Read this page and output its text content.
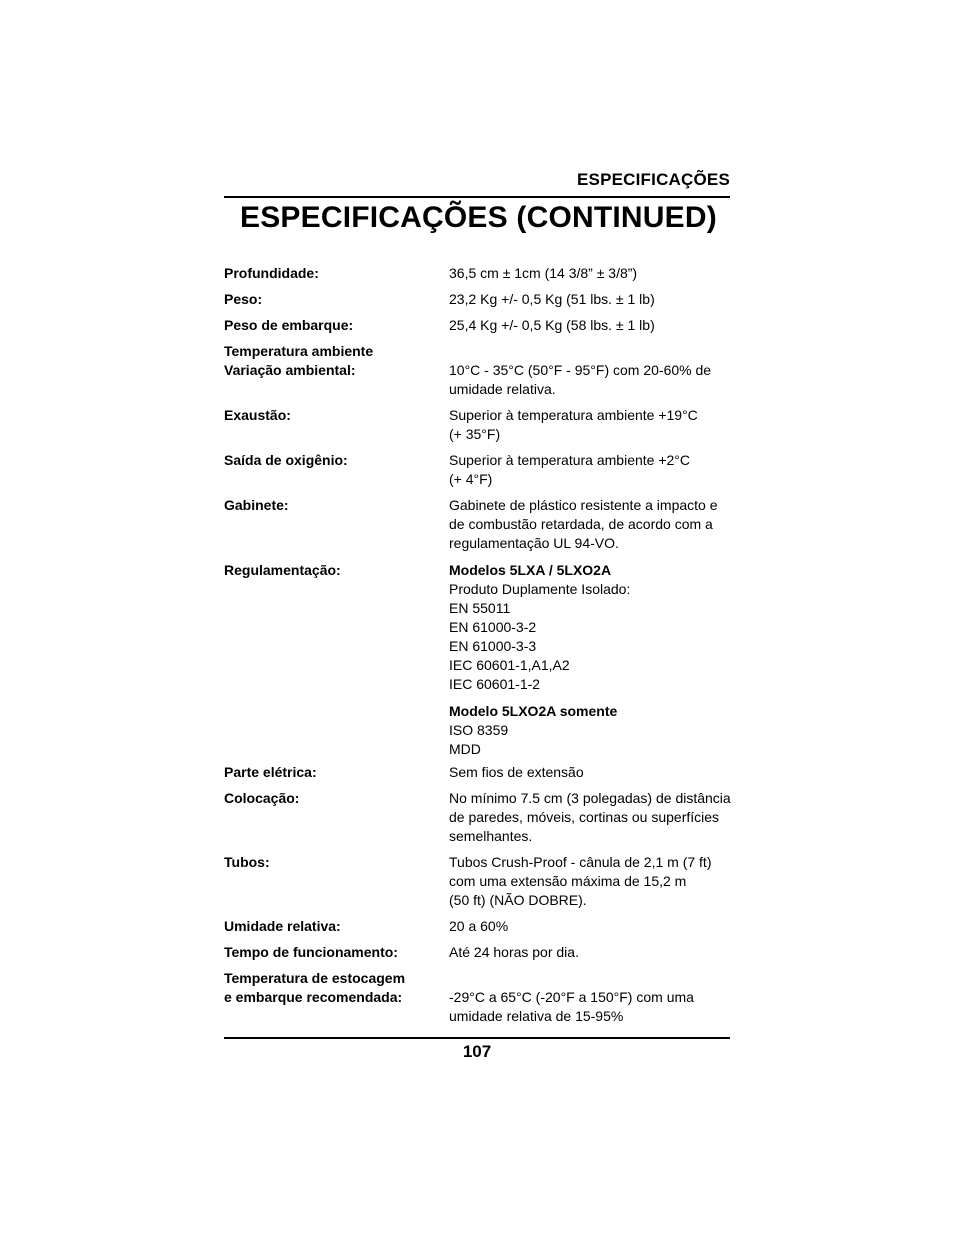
ESPECIFICAÇÕES
ESPECIFICAÇÕES (CONTINUED)
Profundidade:	36,5 cm ± 1cm (14 3/8” ± 3/8”)
Peso:	23,2 Kg +/- 0,5 Kg (51 lbs. ± 1 lb)
Peso de embarque:	25,4 Kg +/- 0,5 Kg (58 lbs. ± 1 lb)
Temperatura ambiente
Variação ambiental:	10°C - 35°C (50°F - 95°F) com 20-60% de
umidade relativa.
Exaustão:	Superior à temperatura ambiente +19°C
(+ 35°F)
Saída de oxigênio:	Superior à temperatura ambiente +2°C
(+ 4°F)
Gabinete:	Gabinete de plástico resistente a impacto e
de combustão retardada, de acordo com a
regulamentação UL 94-VO.
Regulamentação:	Modelos 5LXA / 5LXO2A
Produto Duplamente Isolado:
EN 55011
EN 61000-3-2
EN 61000-3-3
IEC 60601-1,A1,A2
IEC 60601-1-2
Modelo 5LXO2A somente
ISO 8359
MDD
Parte elétrica:	Sem fios de extensão
Colocação:	No mínimo 7.5 cm (3 polegadas) de distância
de paredes, móveis, cortinas ou superfícies
semelhantes.
Tubos:	Tubos Crush-Proof - cânula de 2,1 m (7 ft)
com uma extensão máxima de 15,2 m
(50 ft) (NÃO DOBRE).
Umidade relativa:	20 a 60%
Tempo de funcionamento:	Até 24 horas por dia.
Temperatura de estocagem
e embarque recomendada:	-29°C a 65°C (-20°F a 150°F) com uma
umidade relativa de 15-95%
107
